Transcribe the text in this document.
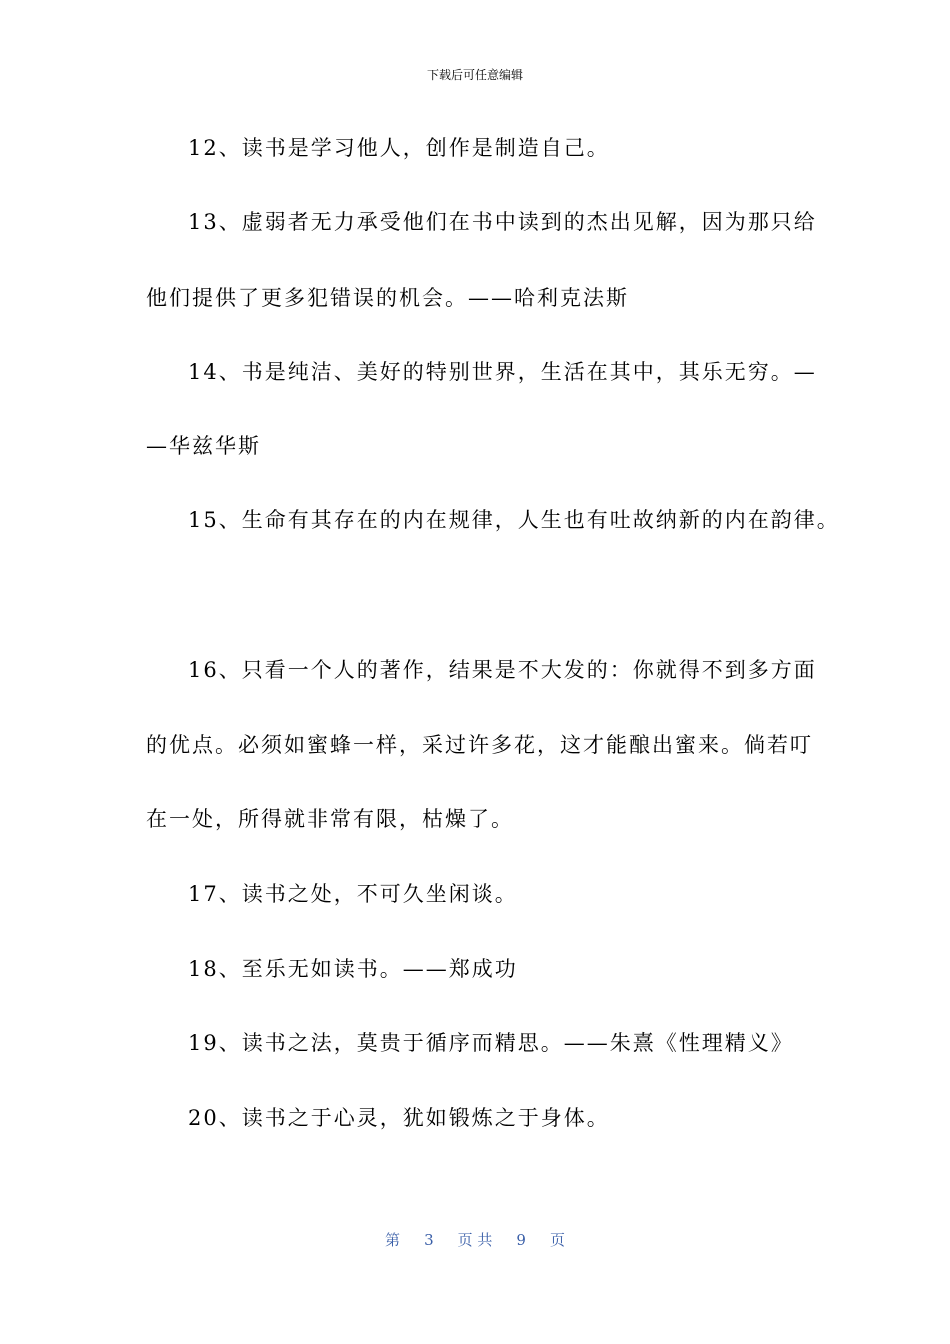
下载后可任意编辑
12、读书是学习他人，创作是制造自己。
13、虚弱者无力承受他们在书中读到的杰出见解，因为那只给
他们提供了更多犯错误的机会。——哈利克法斯
14、书是纯洁、美好的特别世界，生活在其中，其乐无穷。—
—华兹华斯
15、生命有其存在的内在规律，人生也有吐故纳新的内在韵律。
16、只看一个人的著作，结果是不大发的：你就得不到多方面
的优点。必须如蜜蜂一样，采过许多花，这才能酿出蜜来。倘若叮
在一处，所得就非常有限，枯燥了。
17、读书之处，不可久坐闲谈。
18、至乐无如读书。——郑成功
19、读书之法，莫贵于循序而精思。——朱熹《性理精义》
20、读书之于心灵，犹如锻炼之于身体。
第 3 页 共 9 页
